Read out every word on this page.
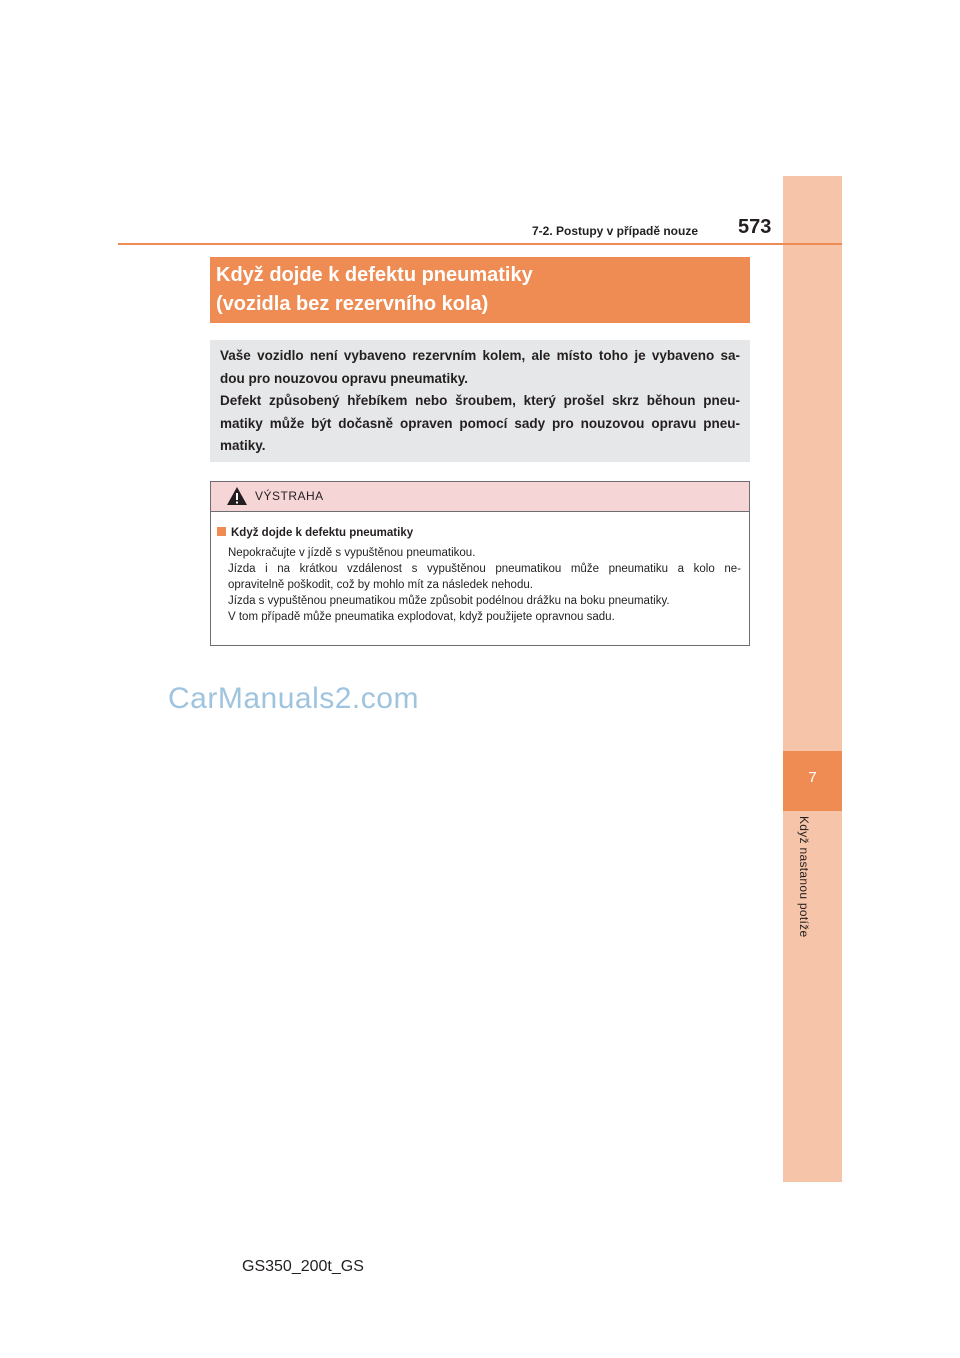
7
Když nastanou potíže
7-2. Postupy v případě nouze 573
Když dojde k defektu pneumatiky
(vozidla bez rezervního kola)
Vaše vozidlo není vybaveno rezervním kolem, ale místo toho je vybaveno sa-
dou pro nouzovou opravu pneumatiky.
Defekt způsobený hřebíkem nebo šroubem, který prošel skrz běhoun pneu-
matiky může být dočasně opraven pomocí sady pro nouzovou opravu pneu-
matiky.
VÝSTRAHA
Když dojde k defektu pneumatiky
Nepokračujte v jízdě s vypuštěnou pneumatikou.
Jízda i na krátkou vzdálenost s vypuštěnou pneumatikou může pneumatiku a kolo ne-
opravitelně poškodit, což by mohlo mít za následek nehodu.
Jízda s vypuštěnou pneumatikou může způsobit podélnou drážku na boku pneumatiky.
V tom případě může pneumatika explodovat, když použijete opravnou sadu.
CarManuals2.com
GS350_200t_GS
